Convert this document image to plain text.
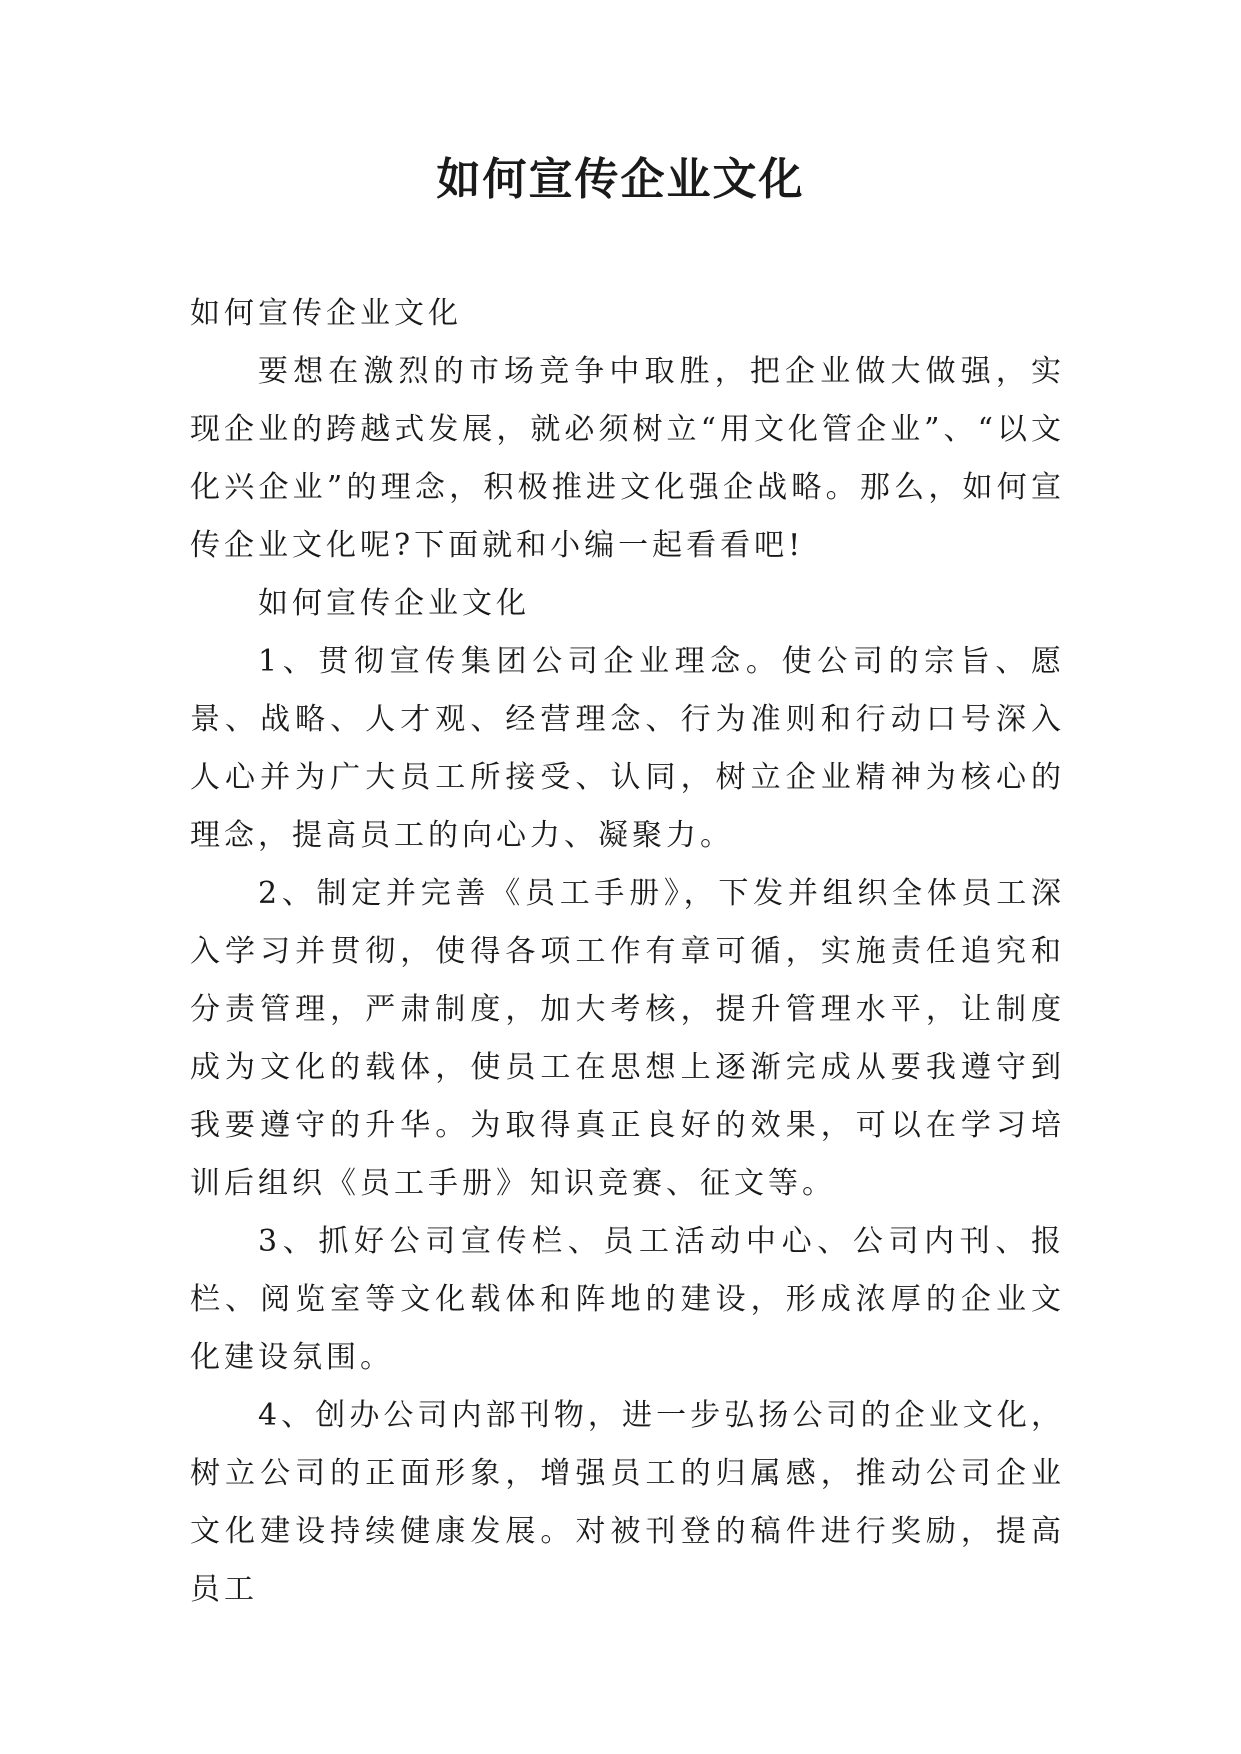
如何宣传企业文化

如何宣传企业文化

要想在激烈的市场竞争中取胜，把企业做大做强，实现企业的跨越式发展，就必须树立“用文化管企业”、“以文化兴企业”的理念，积极推进文化强企战略。那么，如何宣传企业文化呢?下面就和小编一起看看吧!

如何宣传企业文化

1、贯彻宣传集团公司企业理念。使公司的宗旨、愿景、战略、人才观、经营理念、行为准则和行动口号深入人心并为广大员工所接受、认同，树立企业精神为核心的理念，提高员工的向心力、凝聚力。

2、制定并完善《员工手册》，下发并组织全体员工深入学习并贯彻，使得各项工作有章可循，实施责任追究和分责管理，严肃制度，加大考核，提升管理水平，让制度成为文化的载体，使员工在思想上逐渐完成从要我遵守到我要遵守的升华。为取得真正良好的效果，可以在学习培训后组织《员工手册》知识竞赛、征文等。

3、抓好公司宣传栏、员工活动中心、公司内刊、报栏、阅览室等文化载体和阵地的建设，形成浓厚的企业文化建设氛围。

4、创办公司内部刊物，进一步弘扬公司的企业文化，树立公司的正面形象，增强员工的归属感，推动公司企业文化建设持续健康发展。对被刊登的稿件进行奖励，提高员工
